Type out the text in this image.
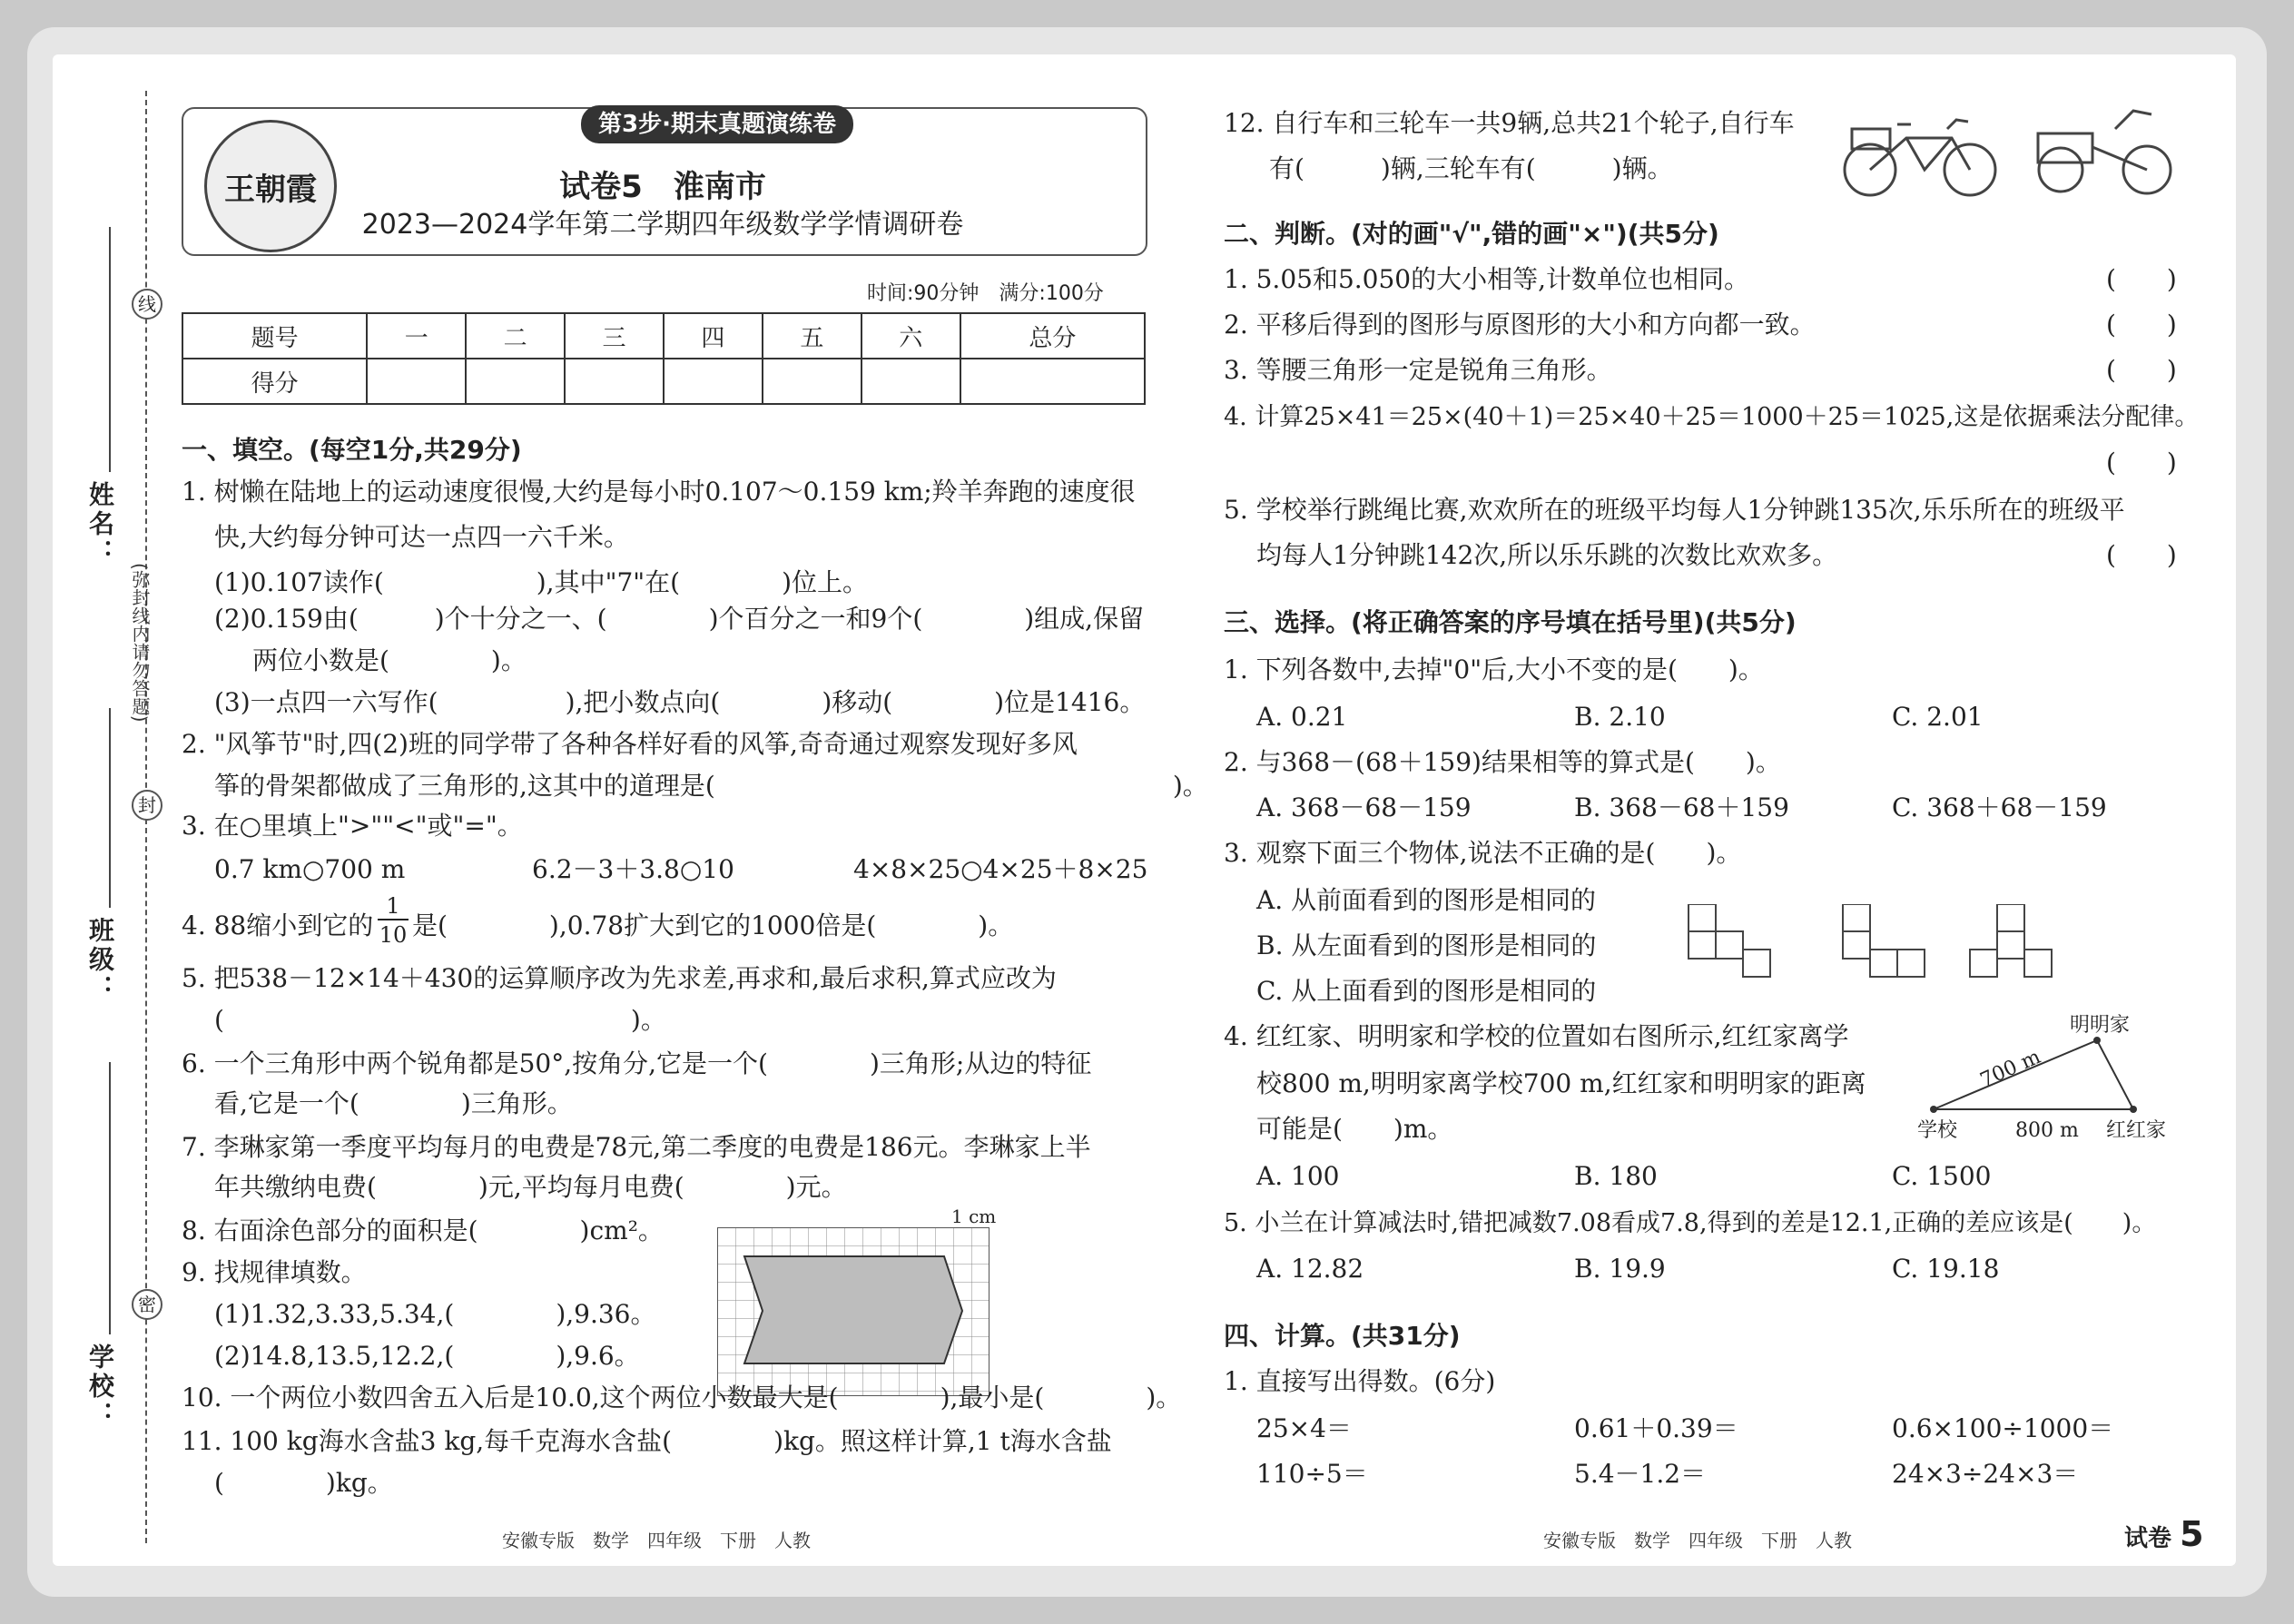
线
封
密
(弥封线内请勿答题)
姓名：
班级：
学校：
王朝霞
第3步·期末真题演练卷
试卷5　淮南市
2023—2024学年第二学期四年级数学学情调研卷
时间:90分钟　满分:100分
题号	一	二	三	四	五	六	总分
得分							
一、填空。(每空1分,共29分)
1. 树懒在陆地上的运动速度很慢,大约是每小时0.107～0.159 km;羚羊奔跑的速度很
快,大约每分钟可达一点四一六千米。
(1)0.107读作(　　　　　　),其中"7"在(　　　　)位上。
(2)0.159由(　　　)个十分之一、(　　　　)个百分之一和9个(　　　　)组成,保留
两位小数是(　　　　)。
(3)一点四一六写作(　　　　　),把小数点向(　　　　)移动(　　　　)位是1416。
2. "风筝节"时,四(2)班的同学带了各种各样好看的风筝,奇奇通过观察发现好多风
筝的骨架都做成了三角形的,这其中的道理是(　　　　　　　　　　　　　　　　　　)。
3. 在○里填上">""<"或"="。
0.7 km○700 m	6.2－3＋3.8○10	4×8×25○4×25＋8×25
4. 88缩小到它的
1
10 是(　　　　),0.78扩大到它的1000倍是(　　　　)。
5. 把538－12×14＋430的运算顺序改为先求差,再求和,最后求积,算式应改为
(　　　　　　　　　　　　　　　　)。
6. 一个三角形中两个锐角都是50°,按角分,它是一个(　　　　)三角形;从边的特征
看,它是一个(　　　　)三角形。
7. 李琳家第一季度平均每月的电费是78元,第二季度的电费是186元。李琳家上半
年共缴纳电费(　　　　)元,平均每月电费(　　　　)元。
8. 右面涂色部分的面积是(　　　　)cm²。
9. 找规律填数。
(1)1.32,3.33,5.34,(　　　　),9.36。
(2)14.8,13.5,12.2,(　　　　),9.6。
1 cm
10. 一个两位小数四舍五入后是10.0,这个两位小数最大是(　　　　),最小是(　　　　)。
11. 100 kg海水含盐3 kg,每千克海水含盐(　　　　)kg。照这样计算,1 t海水含盐
(　　　　)kg。
安徽专版　数学　四年级　下册　人教
12. 自行车和三轮车一共9辆,总共21个轮子,自行车
有(　　　)辆,三轮车有(　　　)辆。
二、判断。(对的画"√",错的画"×")(共5分)
1. 5.05和5.050的大小相等,计数单位也相同。	(　　)
2. 平移后得到的图形与原图形的大小和方向都一致。	(　　)
3. 等腰三角形一定是锐角三角形。	(　　)
4. 计算25×41＝25×(40＋1)＝25×40＋25＝1000＋25＝1025,这是依据乘法分配律。
(　　)
5. 学校举行跳绳比赛,欢欢所在的班级平均每人1分钟跳135次,乐乐所在的班级平
均每人1分钟跳142次,所以乐乐跳的次数比欢欢多。	(　　)
三、选择。(将正确答案的序号填在括号里)(共5分)
1. 下列各数中,去掉"0"后,大小不变的是(　　)。
A. 0.21	B. 2.10	C. 2.01
2. 与368－(68＋159)结果相等的算式是(　　)。
A. 368－68－159	B. 368－68＋159	C. 368＋68－159
3. 观察下面三个物体,说法不正确的是(　　)。
A. 从前面看到的图形是相同的
B. 从左面看到的图形是相同的
C. 从上面看到的图形是相同的
4. 红红家、明明家和学校的位置如右图所示,红红家离学
校800 m,明明家离学校700 m,红红家和明明家的距离
可能是(　　)m。
明明家
700 m
学校	800 m 红红家
A. 100	B. 180	C. 1500
5. 小兰在计算减法时,错把减数7.08看成7.8,得到的差是12.1,正确的差应该是(　　)。
A. 12.82	B. 19.9	C. 19.18
四、计算。(共31分)
1. 直接写出得数。(6分)
25×4＝	0.61＋0.39＝	0.6×100÷1000＝
110÷5＝	5.4－1.2＝	24×3÷24×3＝
安徽专版　数学　四年级　下册　人教	试卷 5
